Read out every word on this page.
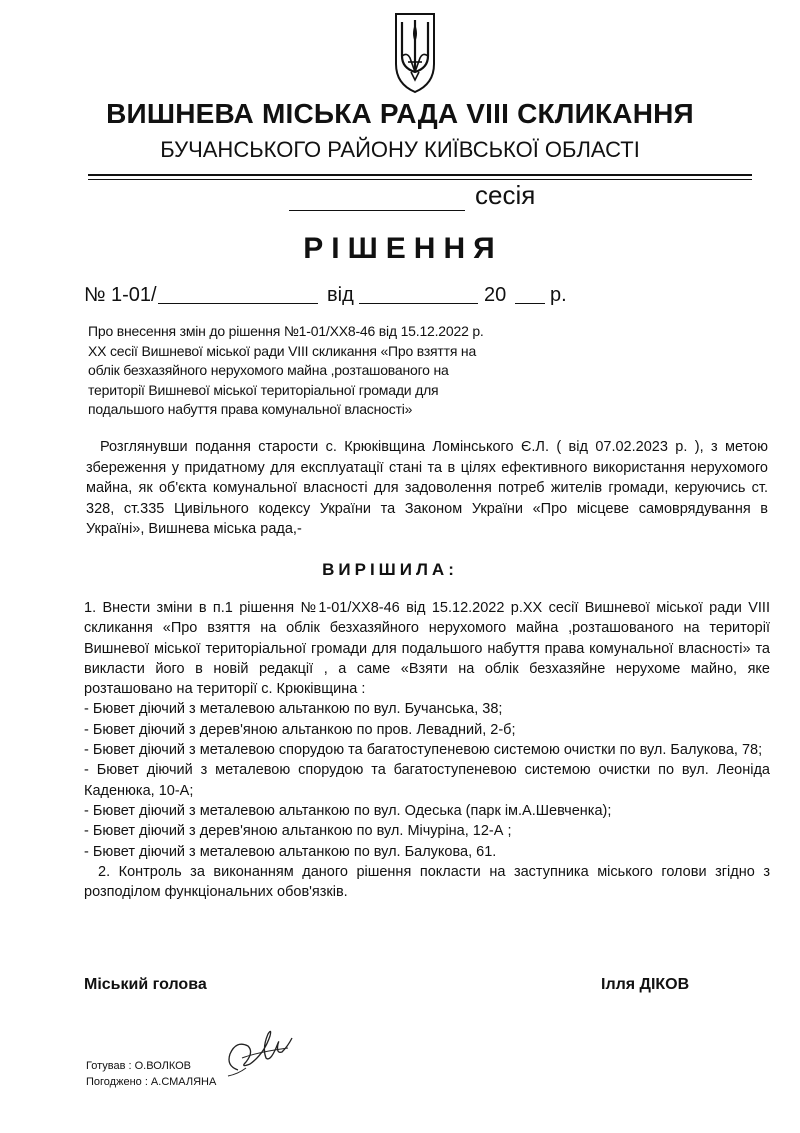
ВИШНЕВА МІСЬКА РАДА VIII СКЛИКАННЯ
БУЧАНСЬКОГО РАЙОНУ КИЇВСЬКОЇ ОБЛАСТІ
сесія
РІШЕННЯ
№ 1-01/	від	20 р.
Про внесення змін до рішення №1-01/ХХ8-46 від 15.12.2022 р.
ХХ сесії Вишневої міської ради VІІІ скликання «Про взяття на
облік безхазяйного нерухомого майна ,розташованого на
території Вишневої міської територіальної громади для
подальшого набуття права комунальної власності»
Розглянувши подання старости с. Крюківщина Ломінського Є.Л. ( від 07.02.2023 р. ), з метою збереження у придатному для експлуатації стані та в цілях ефективного використання нерухомого майна, як об'єкта комунальної власності для задоволення потреб жителів громади, керуючись ст. 328, ст.335 Цивільного кодексу України та Законом України «Про місцеве самоврядування в Україні», Вишнева міська рада,-
ВИРІШИЛА:
1. Внести зміни в п.1 рішення №1-01/ХХ8-46 від 15.12.2022 р.ХХ сесії Вишневої міської ради VІІІ скликання «Про взяття на облік безхазяйного нерухомого майна ,розташованого на території Вишневої міської територіальної громади для подальшого набуття права комунальної власності» та викласти його в новій редакції , а саме «Взяти на облік безхазяйне нерухоме майно, яке розташовано на території с. Крюківщина :
- Бювет діючий з металевою альтанкою по вул. Бучанська, 38;
- Бювет діючий з дерев'яною альтанкою по пров. Левадний, 2-б;
- Бювет діючий з металевою спорудою та багатоступеневою системою очистки по вул. Балукова, 78;
- Бювет діючий з металевою спорудою та багатоступеневою системою очистки по вул. Леоніда Каденюка, 10-А;
- Бювет діючий з металевою альтанкою по вул. Одеська (парк ім.А.Шевченка);
- Бювет діючий з дерев'яною альтанкою по вул. Мічуріна, 12-А ;
- Бювет діючий з металевою альтанкою по вул. Балукова, 61.
2. Контроль за виконанням даного рішення покласти на заступника міського голови згідно з розподілом функціональних обов'язків.
Міський голова	Ілля ДІКОВ
Готував : О.ВОЛКОВ
Погоджено : А.СМАЛЯНА
